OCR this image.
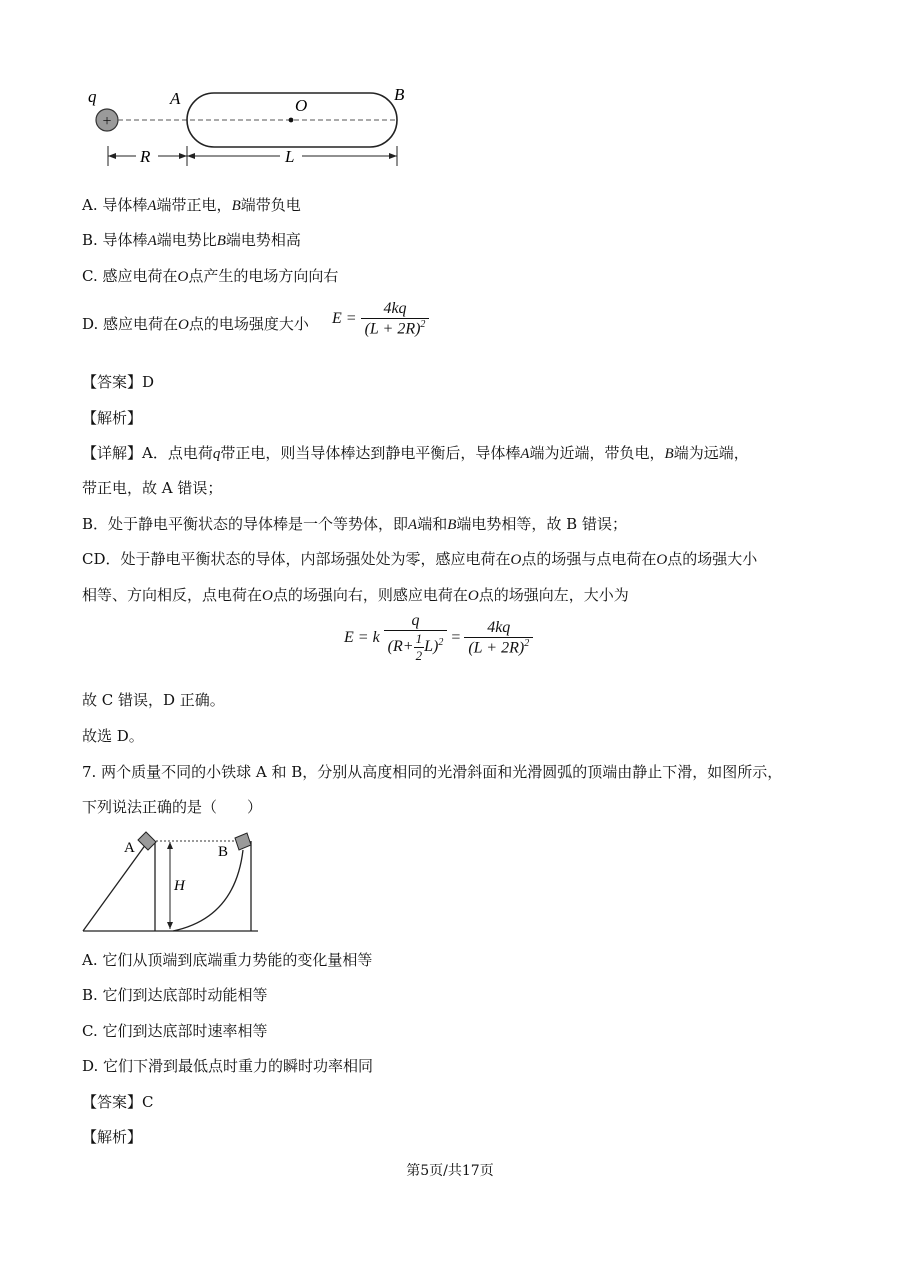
q
+
A	O
B
R	L
A. 导体棒A端带正电，B端带负电
B. 导体棒A端电势比B端电势相高
C. 感应电荷在O点产生的电场方向向右
D. 感应电荷在O点的电场强度大小 $E = \frac{4kq}{(L + 2R)^2}$
【答案】D
【解析】
【详解】A．点电荷q带正电，则当导体棒达到静电平衡后，导体棒A端为近端，带负电，B端为远端，
带正电，故 A 错误；
B．处于静电平衡状态的导体棒是一个等势体，即A端和B端电势相等，故 B 错误；
CD．处于静电平衡状态的导体，内部场强处处为零，感应电荷在O点的场强与点电荷在O点的场强大小
相等、方向相反，点电荷在O点的场强向右，则感应电荷在O点的场强向左，大小为
E = k $\frac{q}{(R+ \frac{1}{2} L)^2} = \frac{4kq}{(L + 2R)^2}$
故 C 错误，D 正确。
故选 D。
7. 两个质量不同的小铁球 A 和 B，分别从高度相同的光滑斜面和光滑圆弧的顶端由静止下滑，如图所示，
下列说法正确的是（　　）
A
H
B
A. 它们从顶端到底端重力势能的变化量相等
B. 它们到达底部时动能相等
C. 它们到达底部时速率相等
D. 它们下滑到最低点时重力的瞬时功率相同
【答案】C
【解析】
第5页/共17页
